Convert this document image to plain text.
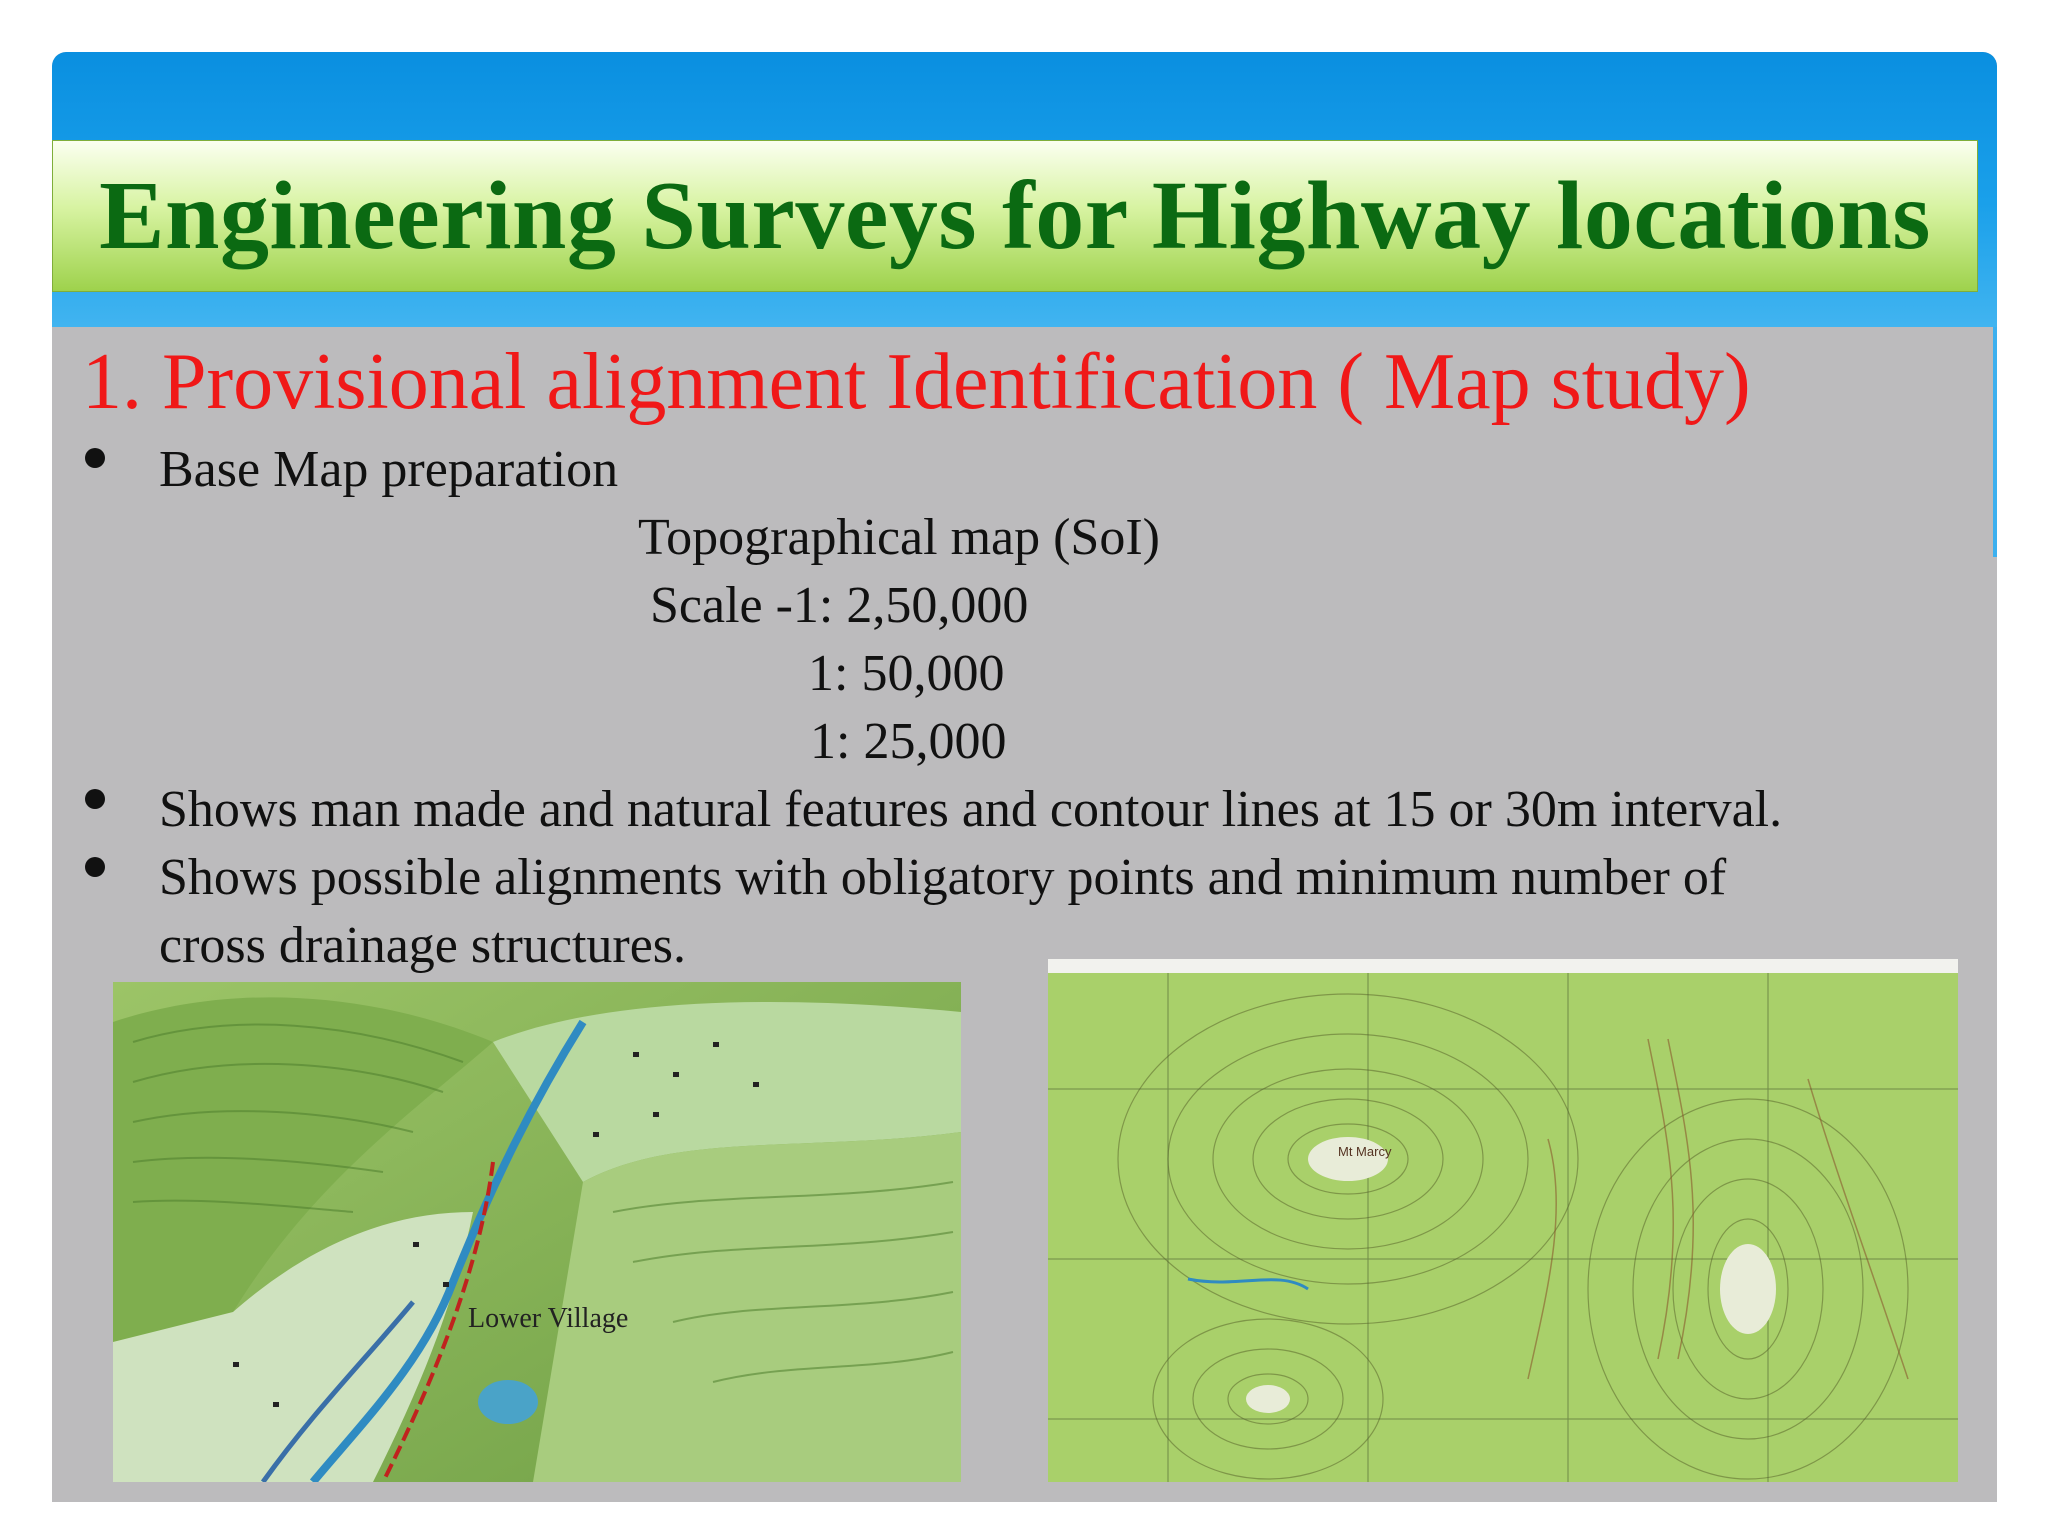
Engineering Surveys for Highway locations
1. Provisional alignment Identification ( Map study)
Base Map preparation
Topographical map (SoI)
Scale -1: 2,50,000
1: 50,000
1: 25,000
Shows man made and natural features and contour lines at 15 or 30m interval.
Shows possible alignments with obligatory points and minimum number of
cross drainage structures.
Lower Village
Mt Marcy
